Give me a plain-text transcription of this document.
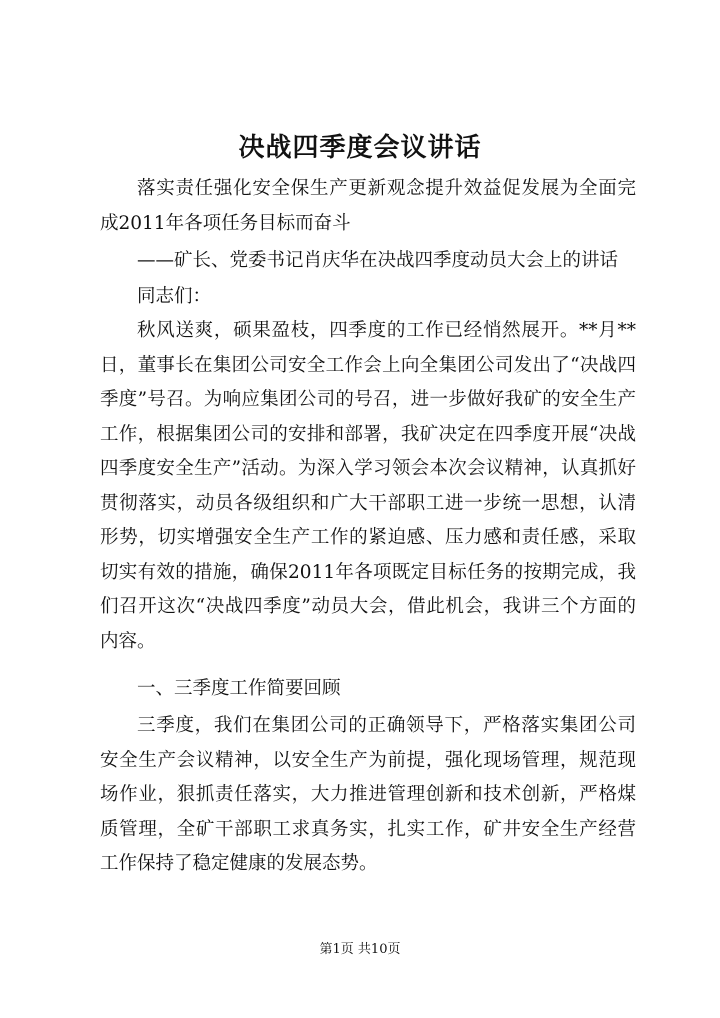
决战四季度会议讲话

落实责任强化安全保生产更新观念提升效益促发展为全面完成2011年各项任务目标而奋斗

——矿长、党委书记肖庆华在决战四季度动员大会上的讲话

同志们：

秋风送爽，硕果盈枝，四季度的工作已经悄然展开。**月**日，董事长在集团公司安全工作会上向全集团公司发出了“决战四季度”号召。为响应集团公司的号召，进一步做好我矿的安全生产工作，根据集团公司的安排和部署，我矿决定在四季度开展“决战四季度安全生产”活动。为深入学习领会本次会议精神，认真抓好贯彻落实，动员各级组织和广大干部职工进一步统一思想，认清形势，切实增强安全生产工作的紧迫感、压力感和责任感，采取切实有效的措施，确保2011年各项既定目标任务的按期完成，我们召开这次“决战四季度”动员大会，借此机会，我讲三个方面的内容。

一、三季度工作简要回顾

三季度，我们在集团公司的正确领导下，严格落实集团公司安全生产会议精神，以安全生产为前提，强化现场管理，规范现场作业，狠抓责任落实，大力推进管理创新和技术创新，严格煤质管理，全矿干部职工求真务实，扎实工作，矿井安全生产经营工作保持了稳定健康的发展态势。

第1页 共10页
